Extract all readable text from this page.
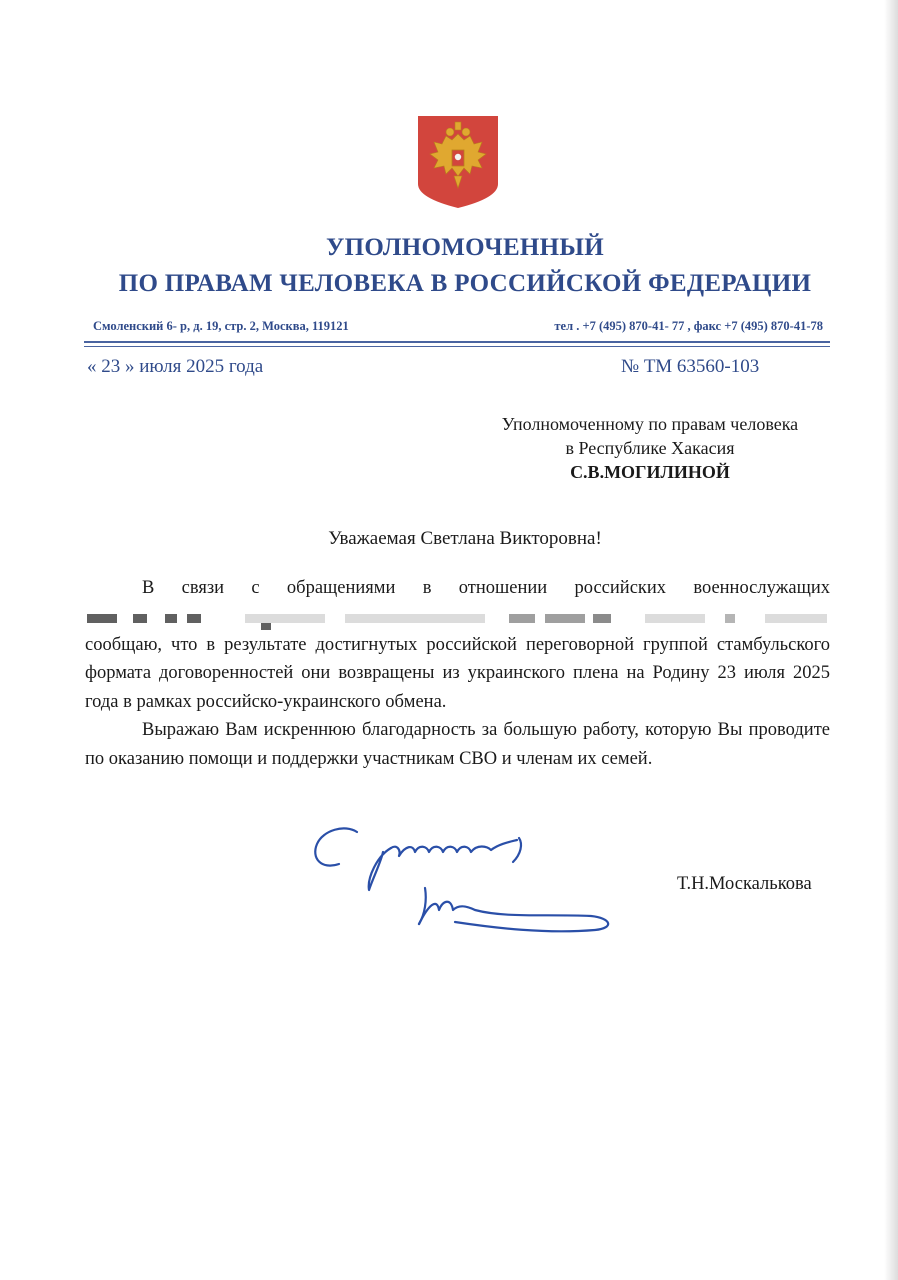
УПОЛНОМОЧЕННЫЙ
ПО ПРАВАМ ЧЕЛОВЕКА В РОССИЙСКОЙ ФЕДЕРАЦИИ
Смоленский 6- р, д. 19, стр. 2, Москва, 119121	тел . +7 (495) 870-41- 77 , факс +7 (495) 870-41-78
« 23 » июля 2025 года	№ ТМ 63560-103
Уполномоченному по правам человека
в Республике Хакасия
С.В.МОГИЛИНОЙ
Уважаемая Светлана Викторовна!

В связи с обращениями в отношении российских военнослужащих

сообщаю, что в результате достигнутых российской переговорной группой стамбульского формата договоренностей они возвращены из украинского плена на Родину 23 июля 2025 года в рамках российско-украинского обмена.

Выражаю Вам искреннюю благодарность за большую работу, которую Вы проводите по оказанию помощи и поддержки участникам СВО и членам их семей.

Т.Н.Москалькова
